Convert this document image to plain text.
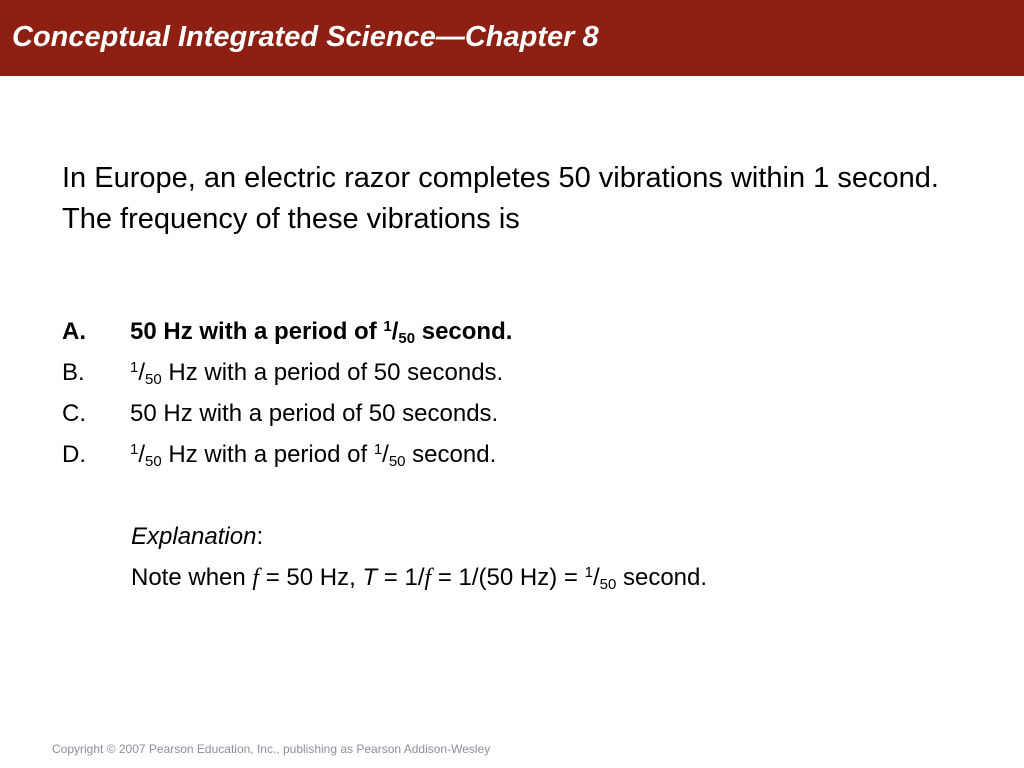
Conceptual Integrated Science—Chapter 8

In Europe, an electric razor completes 50 vibrations within 1 second. The frequency of these vibrations is

A. 50 Hz with a period of $^1/_{50}$ second.
B.	$^1/_{50}$ Hz with a period of 50 seconds.
C. 50 Hz with a period of 50 seconds.
D.	$^1/_{50}$ Hz with a period of $^1/_{50}$ second.
Explanation:
Note when f = 50 Hz, T = 1/f = 1/(50 $Hz) = ^1/_{50}$ second.
Copyright © 2007 Pearson Education, Inc., publishing as Pearson Addison-Wesley
